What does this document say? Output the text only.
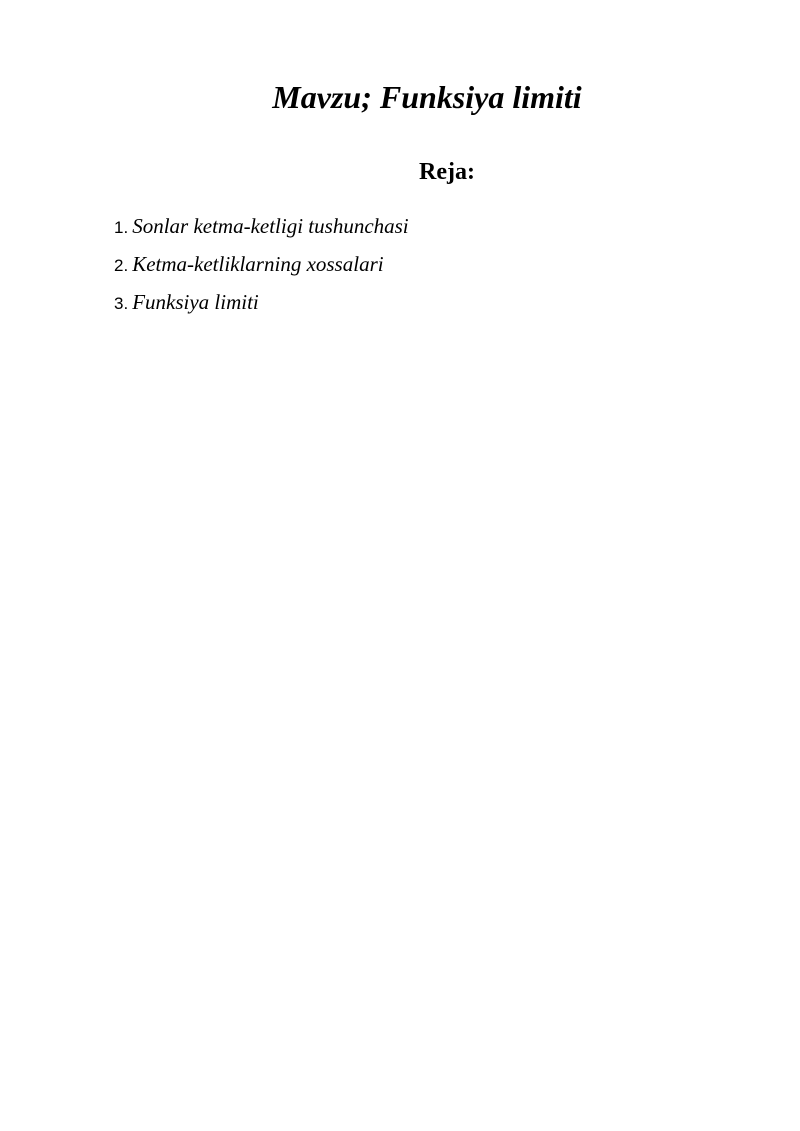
Mavzu; Funksiya limiti
Reja:
1. Sonlar ketma-ketligi tushunchasi
2. Ketma-ketliklarning xossalari
3. Funksiya limiti
